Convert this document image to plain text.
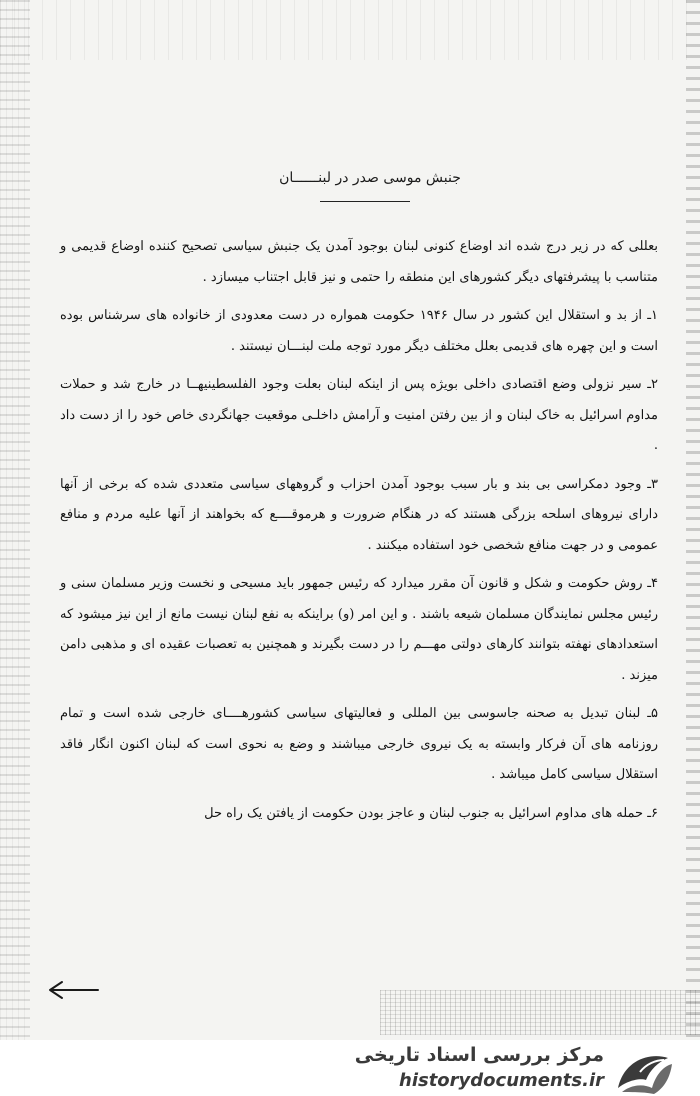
جنبش موسی صدر در لبنــــــان

بعللی که در زیر درج شده اند اوضاع کنونی لبنان بوجود آمدن یک جنبش سیاسی تصحیح کننده اوضاع قدیمی و متناسب با پیشرفتهای دیگر کشورهای این منطقه را حتمی و نیز قابل اجتناب میسازد .

۱ـ از بد و استقلال این کشور در سال ۱۹۴۶ حکومت همواره در دست معدودی از خانواده های سرشناس بوده است و این چهره های قدیمی بعلل مختلف دیگر مورد توجه ملت لبنـــان نیستند .

۲ـ سیر نزولی وضع اقتصادی داخلی بویژه پس از اینکه لبنان بعلت وجود الفلسطینیهــا در خارج شد و حملات مداوم اسرائیل به خاک لبنان و از بین رفتن امنیت و آرامش داخلـی موقعیت جهانگردی خاص خود را از دست داد .

۳ـ وجود دمکراسی بی بند و بار سبب بوجود آمدن احزاب و گروههای سیاسی متعددی شده که برخی از آنها دارای نیروهای اسلحه بزرگی هستند که در هنگام ضرورت و هرموقــــع که بخواهند از آنها علیه مردم و منافع عمومی و در جهت منافع شخصی خود استفاده میکنند .

۴ـ روش حکومت و شکل و قانون آن مقرر میدارد که رئیس جمهور باید مسیحی و نخست وزیر مسلمان سنی و رئیس مجلس نمایندگان مسلمان شیعه باشند . و این امر (و) براینکه به نفع لبنان نیست مانع از این نیز میشود که استعدادهای نهفته بتوانند کارهای دولتی مهـــم را در دست بگیرند و همچنین به تعصبات عقیده ای و مذهبی دامن میزند .

۵ـ لبنان تبدیل به صحنه جاسوسی بین المللی و فعالیتهای سیاسی کشورهــــای خارجی شده است و تمام روزنامه های آن فرکار وابسته به یک نیروی خارجی میباشند و وضع به نحوی است که لبنان اکنون انگار فاقد استقلال سیاسی کامل میباشد .

۶ـ حمله های مداوم اسرائیل به جنوب لبنان و عاجز بودن حکومت از یافتن یک راه حل

مرکز بررسی اسناد تاریخی
historydocuments.ir
